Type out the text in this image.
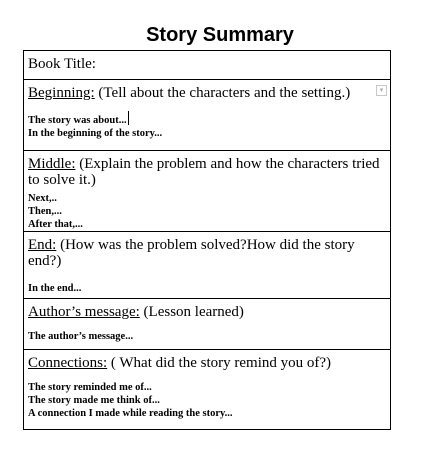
Story Summary
Book Title:
Beginning: (Tell about the characters and the setting.)	▾
The story was about...
In the beginning of the story...
Middle: (Explain the problem and how the characters tried to solve it.)
Next,..
Then,...
After that,...
End: (How was the problem solved?How did the story end?)
In the end...
Author’s message: (Lesson learned)
The author’s message...
Connections: ( What did the story remind you of?)
The story reminded me of...
The story made me think of...
A connection I made while reading the story...
